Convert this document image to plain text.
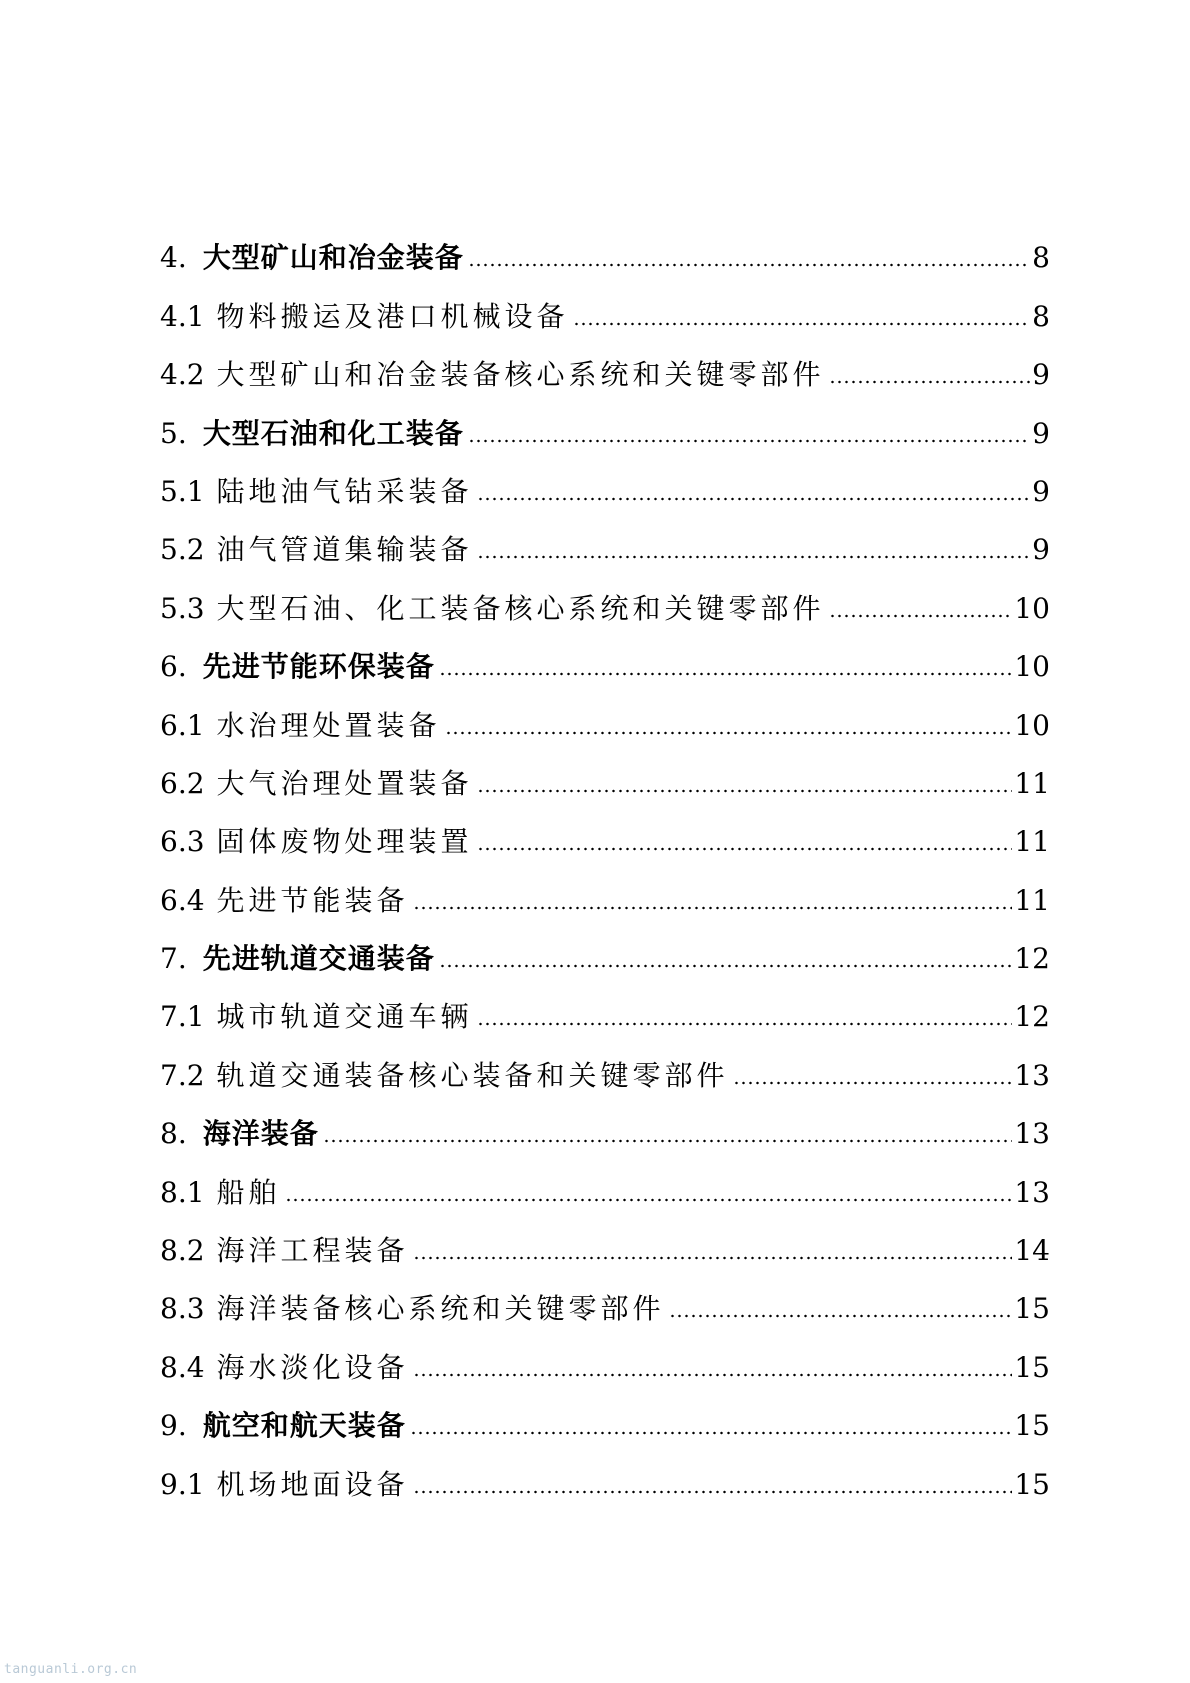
4. 大型矿山和冶金装备	8
4.1 物料搬运及港口机械设备	8
4.2 大型矿山和冶金装备核心系统和关键零部件	9
5. 大型石油和化工装备	9
5.1 陆地油气钻采装备	9
5.2 油气管道集输装备	9
5.3 大型石油、化工装备核心系统和关键零部件	10
6. 先进节能环保装备	10
6.1 水治理处置装备	10
6.2 大气治理处置装备	11
6.3 固体废物处理装置	11
6.4 先进节能装备	11
7. 先进轨道交通装备	12
7.1 城市轨道交通车辆	12
7.2 轨道交通装备核心装备和关键零部件	13
8. 海洋装备	13
8.1 船舶	13
8.2 海洋工程装备	14
8.3 海洋装备核心系统和关键零部件	15
8.4 海水淡化设备	15
9. 航空和航天装备	15
9.1 机场地面设备	15
tanguanli.org.cn
